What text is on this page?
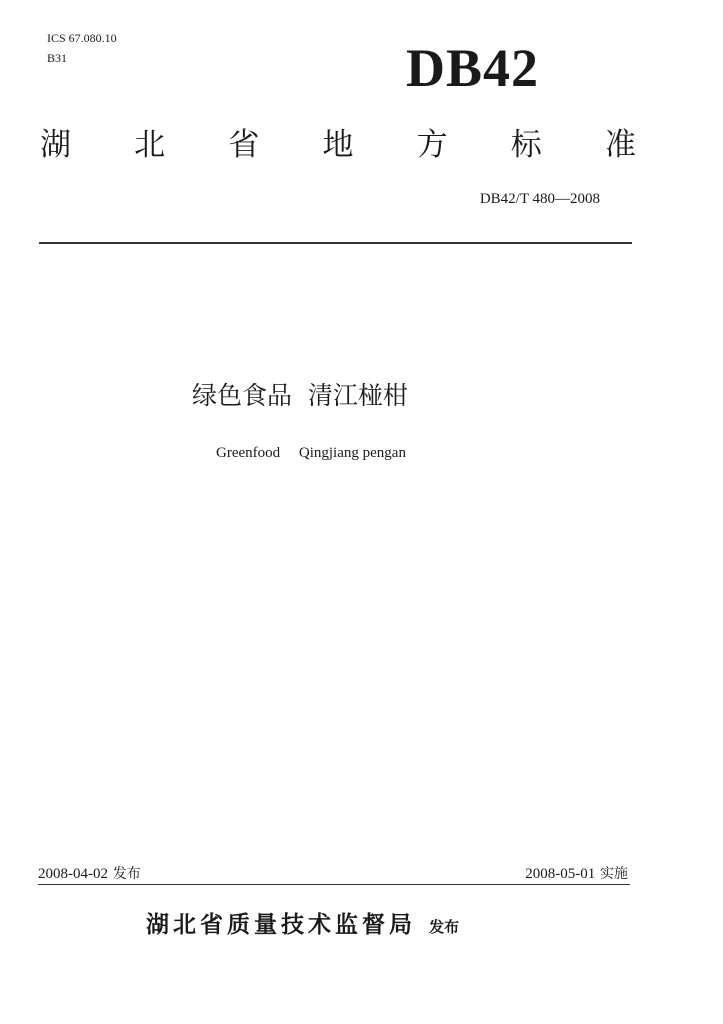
ICS 67.080.10
B31	DB42
湖 北 省 地 方 标 准
DB42/T 480—2008
绿色食品  清江椪柑
Greenfood     Qingjiang pengan
2008-04-02 发布	2008-05-01 实施
湖北省质量技术监督局 发布
